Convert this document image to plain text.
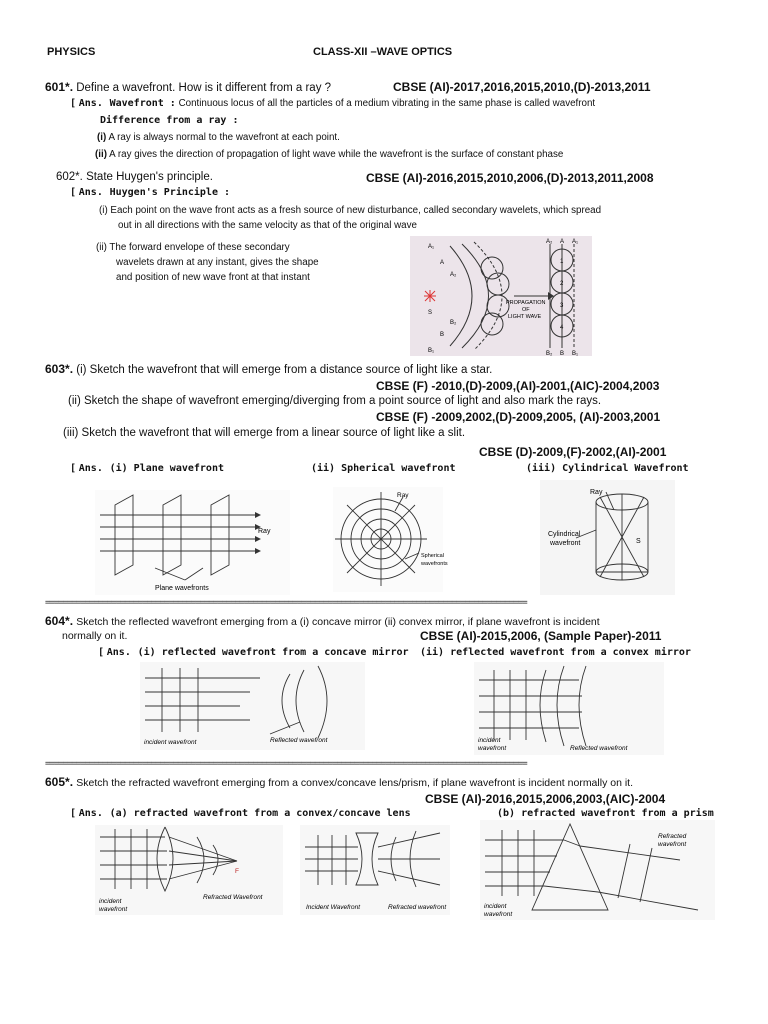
PHYSICS	CLASS-XII –WAVE OPTICS
601*. Define a wavefront. How is it different from a ray ?	CBSE (AI)-2017,2016,2015,2010,(D)-2013,2011
[ Ans. Wavefront : Continuous locus of all the particles of a medium vibrating in the same phase is called wavefront
Difference from a ray :
(i) A ray is always normal to the wavefront at each point.
(ii) A ray gives the direction of propagation of light wave while the wavefront is the surface of constant phase
602*. State Huygen's principle.	CBSE (AI)-2016,2015,2010,2006,(D)-2013,2011,2008
[ Ans. Huygen's Principle :
(i) Each point on the wave front acts as a fresh source of new disturbance, called secondary wavelets, which spread
out in all directions with the same velocity as that of the original wave
(ii) The forward envelope of these secondary
wavelets drawn at any instant, gives the shape
and position of new wave front at that instant
S
A₁
A
A₂
B₂
B
B₁
A₂ A A₁
B₂ B B₁
1
2
3
4
PROPAGATION
OF
LIGHT WAVE
603*. (i) Sketch the wavefront that will emerge from a distance source of light like a star.
CBSE (F) -2010,(D)-2009,(AI)-2001,(AIC)-2004,2003
(ii) Sketch the shape of wavefront emerging/diverging from a point source of light and also mark the rays.
CBSE (F) -2009,2002,(D)-2009,2005, (AI)-2003,2001
(iii) Sketch the wavefront that will emerge from a linear source of light like a slit.
CBSE (D)-2009,(F)-2002,(AI)-2001
[ Ans. (i) Plane wavefront	(ii) Spherical wavefront	(iii) Cylindrical Wavefront
Ray
Plane wavefronts
Ray
Spherical
wavefronts
Ray
Cylindrical
wavefront	S
=============================================================================================================
604*. Sketch the reflected wavefront emerging from a (i) concave mirror (ii) convex mirror, if plane wavefront is incident
normally on it.	CBSE (AI)-2015,2006, (Sample Paper)-2011
[ Ans. (i) reflected wavefront from a concave mirror (ii) reflected wavefront from a convex mirror
incident wavefront	Reflected wavefront	incident
wavefront	Reflected wavefront
=============================================================================================================
605*. Sketch the refracted wavefront emerging from a convex/concave lens/prism, if plane wavefront is incident normally on it.
CBSE (AI)-2016,2015,2006,2003,(AIC)-2004
[ Ans. (a) refracted wavefront from a convex/concave lens	(b) refracted wavefront from a prism
F
incident
wavefront
Refracted Wavefront
Incident Wavefront	Refracted wavefront
Refracted
wavefront
incident
wavefront
